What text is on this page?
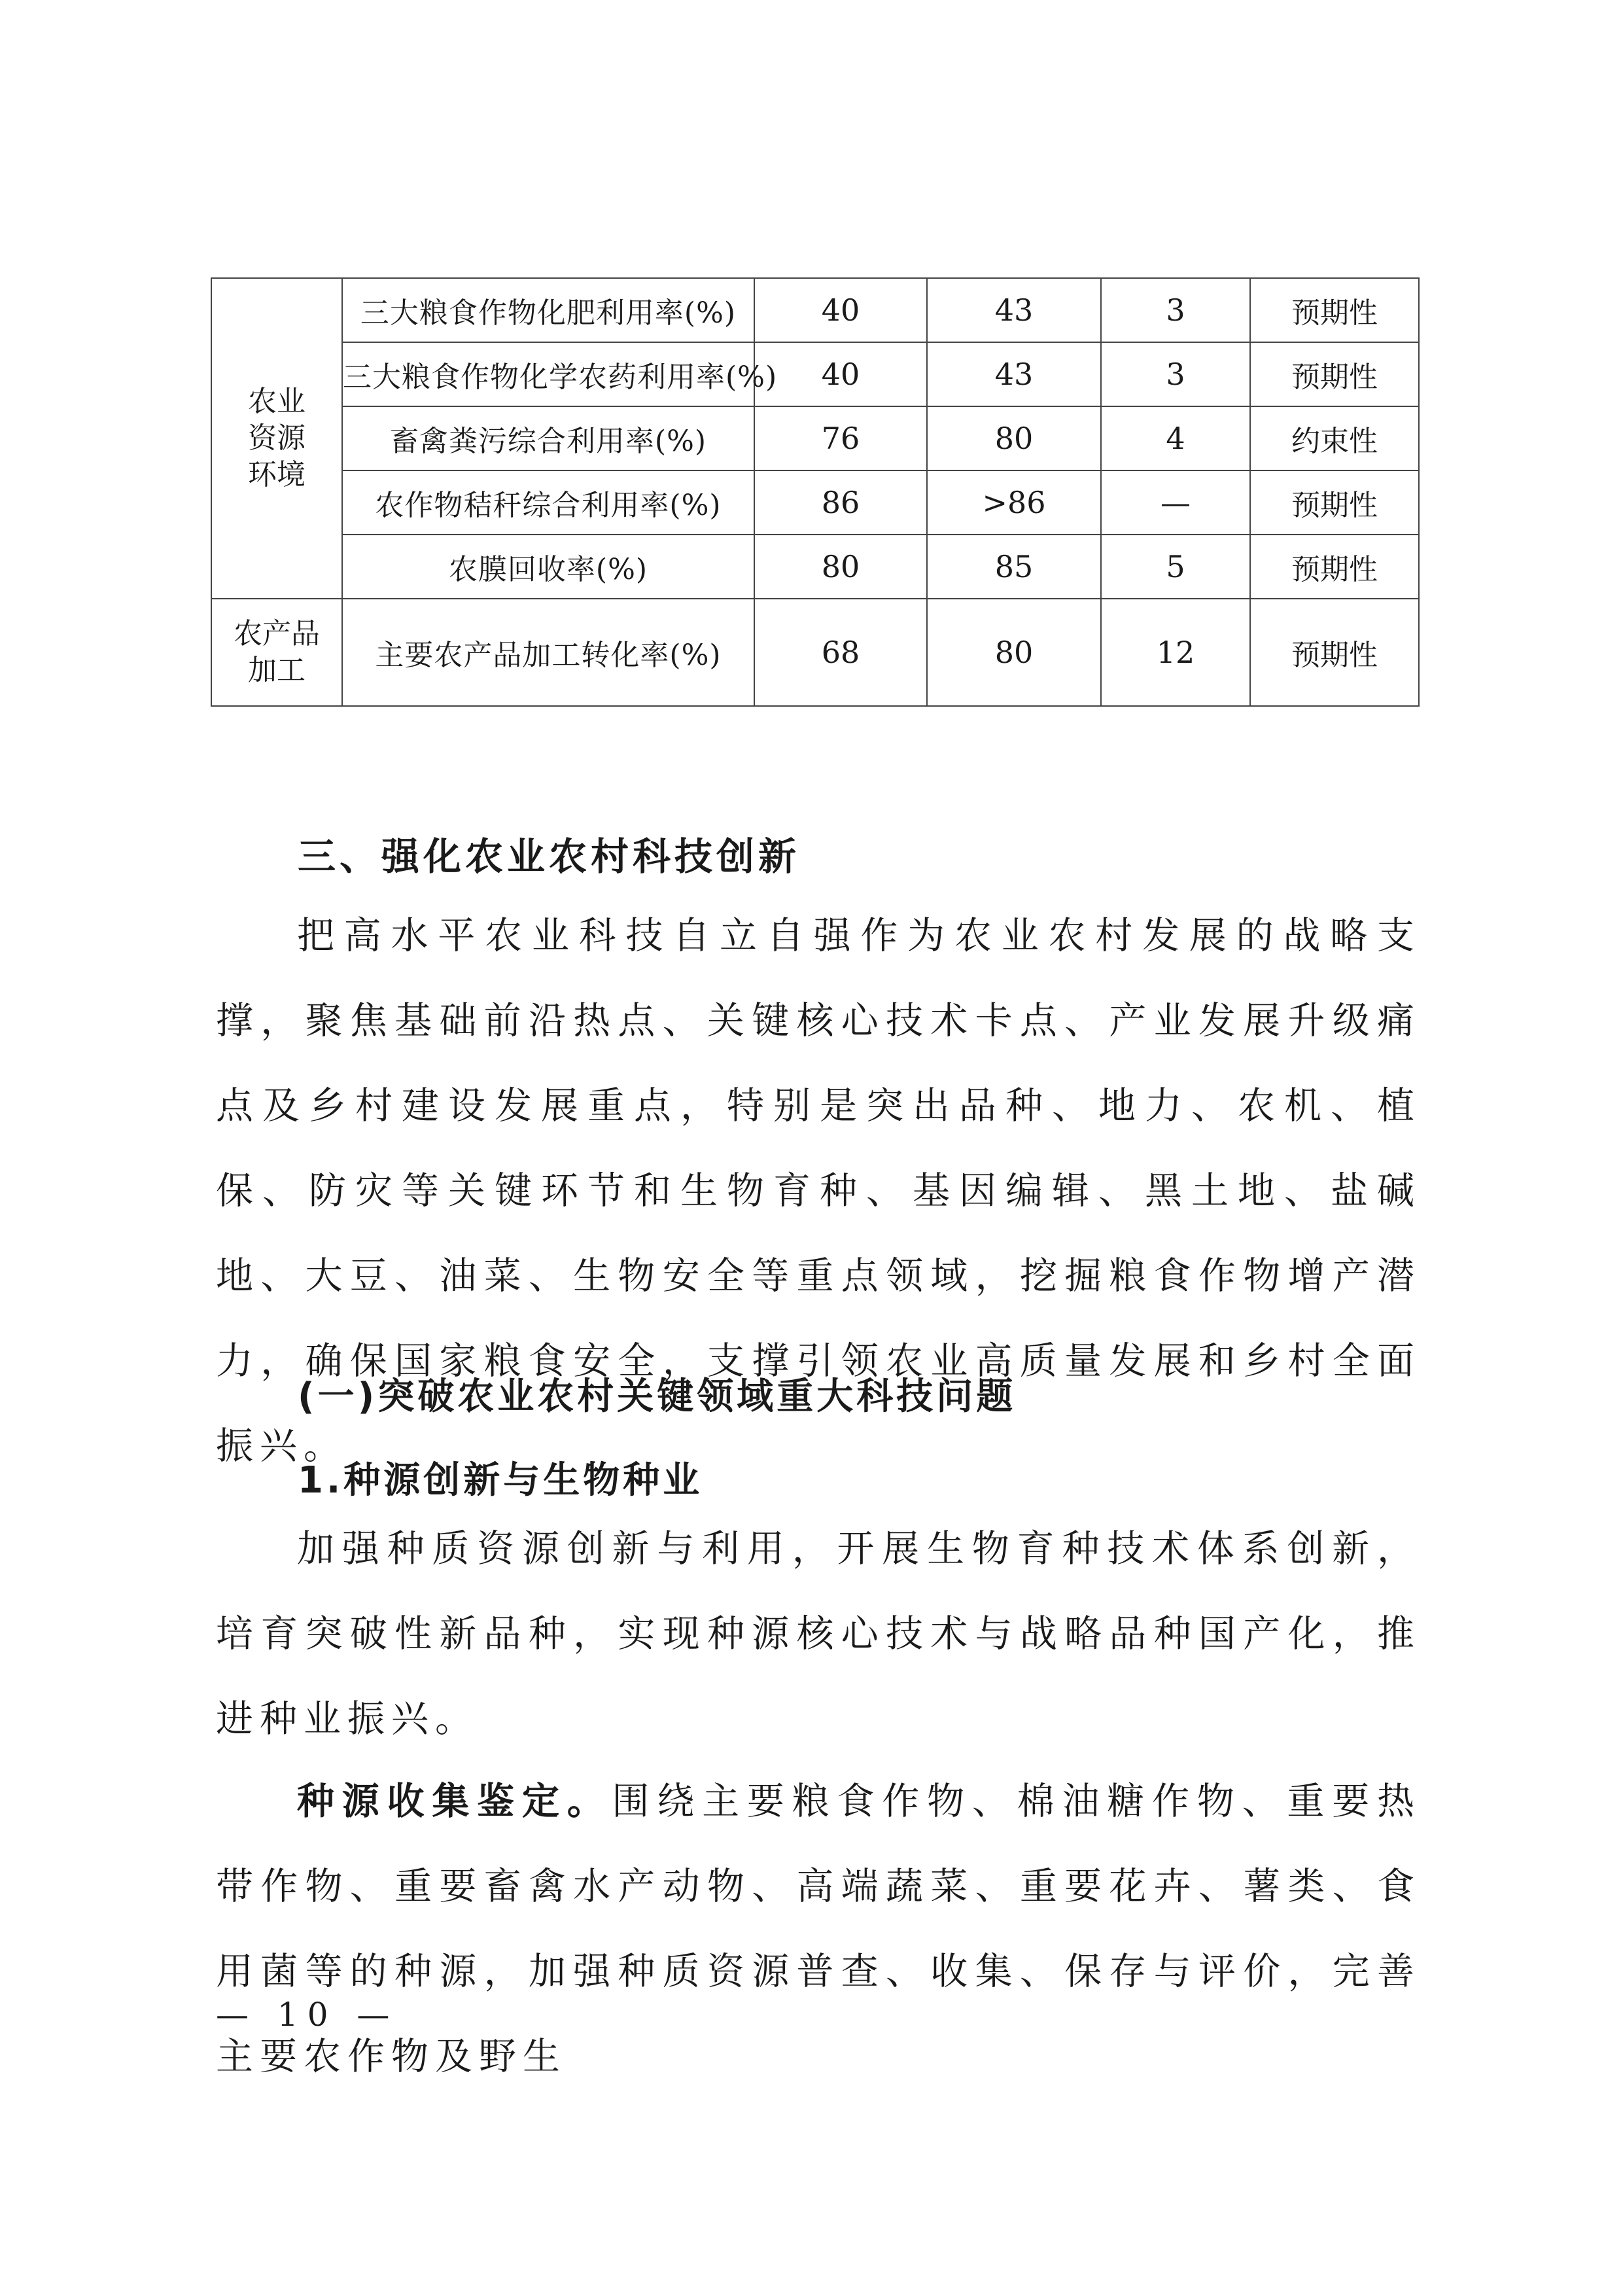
农业
资源
环境	三大粮食作物化肥利用率(%)	40	43	3	预期性
	三大粮食作物化学农药利用率(%)	40	43	3	预期性
	畜禽粪污综合利用率(%)	76	80	4	约束性
	农作物秸秆综合利用率(%)	86	>86	—	预期性
	农膜回收率(%)	80	85	5	预期性

农产品
加工	主要农产品加工转化率(%)	68	80	12	预期性
三、强化农业农村科技创新

把高水平农业科技自立自强作为农业农村发展的战略支撑，聚焦基础前沿热点、关键核心技术卡点、产业发展升级痛点及乡村建设发展重点，特别是突出品种、地力、农机、植保、防灾等关键环节和生物育种、基因编辑、黑土地、盐碱地、大豆、油菜、生物安全等重点领域，挖掘粮食作物增产潜力，确保国家粮食安全，支撑引领农业高质量发展和乡村全面振兴。

(一)突破农业农村关键领域重大科技问题
1.种源创新与生物种业

加强种质资源创新与利用，开展生物育种技术体系创新，培育突破性新品种，实现种源核心技术与战略品种国产化，推进种业振兴。

种源收集鉴定。围绕主要粮食作物、棉油糖作物、重要热带作物、重要畜禽水产动物、高端蔬菜、重要花卉、薯类、食用菌等的种源，加强种质资源普查、收集、保存与评价，完善主要农作物及野生

— 10 —
